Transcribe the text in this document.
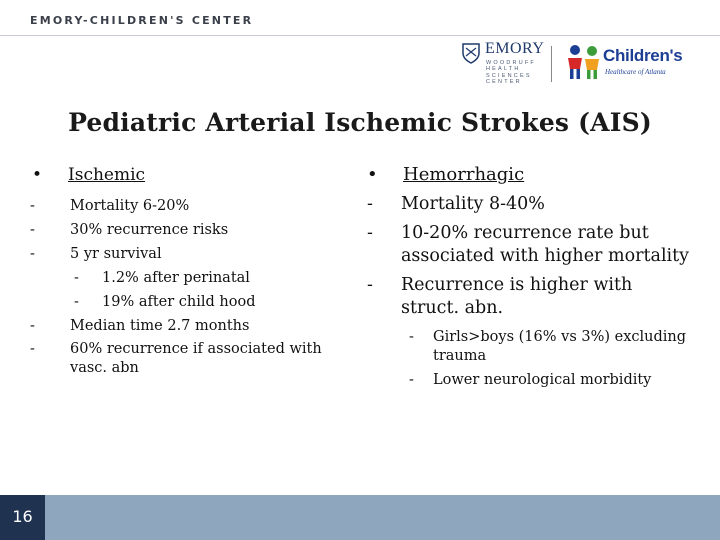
EMORY-CHILDREN'S CENTER
EMORY
WOODRUFF
HEALTH
SCIENCES
CENTER
Children's
Healthcare of Atlanta
Pediatric Arterial Ischemic Strokes (AIS)
• Ischemic
- Mortality 6-20%
- 30% recurrence risks
- 5 yr survival
- 1.2% after perinatal
- 19% after child hood
- Median time 2.7 months
- 60% recurrence if associated with vasc. abn
• Hemorrhagic
- Mortality 8-40%
- 10-20% recurrence rate but associated with higher mortality
- Recurrence is higher with struct. abn.
- Girls>boys (16% vs 3%) excluding trauma
- Lower neurological morbidity
16
